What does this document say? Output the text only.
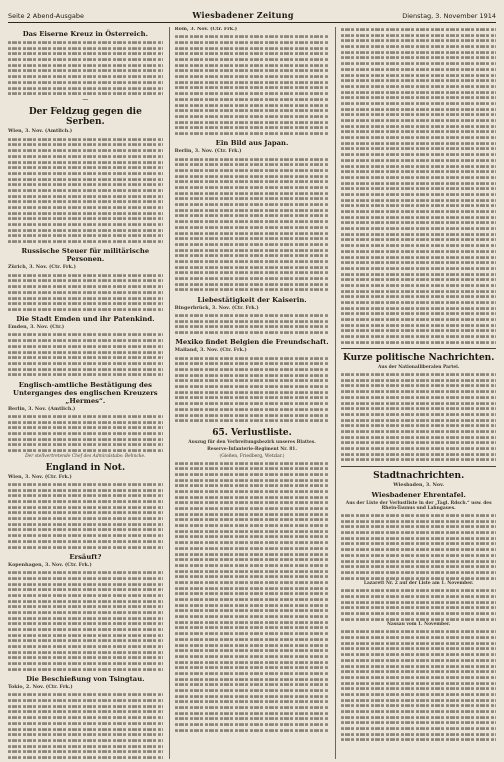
Seite 2 Abend-Ausgabe	Wiesbadener Zeitung	Dienstag, 3. November 1914
Das Eiserne Kreuz in Österreich.
—
Der Feldzug gegen die Serben.

Wien, 3. Nov. (Amtlich.)

Russische Steuer für militärische Personen.

Zürich, 3. Nov. (Ctr. Frk.)

Die Stadt Emden und ihr Patenkind.

Emden, 3. Nov. (Ctr.)

Englisch-amtliche Bestätigung des Unterganges des englischen Kreuzers „Hermes“.

Berlin, 3. Nov. (Amtlich.)

Der stellvertretende Chef des Admiralstabs: Behncke.

England in Not.

Wien, 3. Nov. (Ctr. Frk.)

Ersäuft?

Kopenhagen, 3. Nov. (Ctr. Frk.)

Die Beschießung von Tsingtau.

Tokio, 2. Nov. (Ctr. Frk.)

Rom, 3. Nov. (Ctr. Frk.)

Ein Bild aus Japan.

Berlin, 3. Nov. (Ctr. Frk.)

Liebestätigkeit der Kaiserin.

Bingerbrück, 3. Nov. (Ctr. Frk.)

Mexiko findet Belgien die Freundschaft.

Mailand, 3. Nov. (Ctr. Frk.)

65. Verlustliste.

Auszug für den Verbreitungsbezirk unseres Blattes.

Reserve-Infanterie-Regiment Nr. 81.

(Gießen, Friedberg, Wetzlar.)

Kurze politische Nachrichten.

Aus der Nationalliberalen Partei.

Stadtnachrichten.

Wiesbaden, 3. Nov.

Wiesbadener Ehrentafel.

Aus der Liste der Verlustliste in der „Tagl. Rdsch.“ usw. des Rhein-Taunus und Lahngaues.

Lazarett Nr. 2 auf der Liste am 1. November.

Nassau vom 1. November.
